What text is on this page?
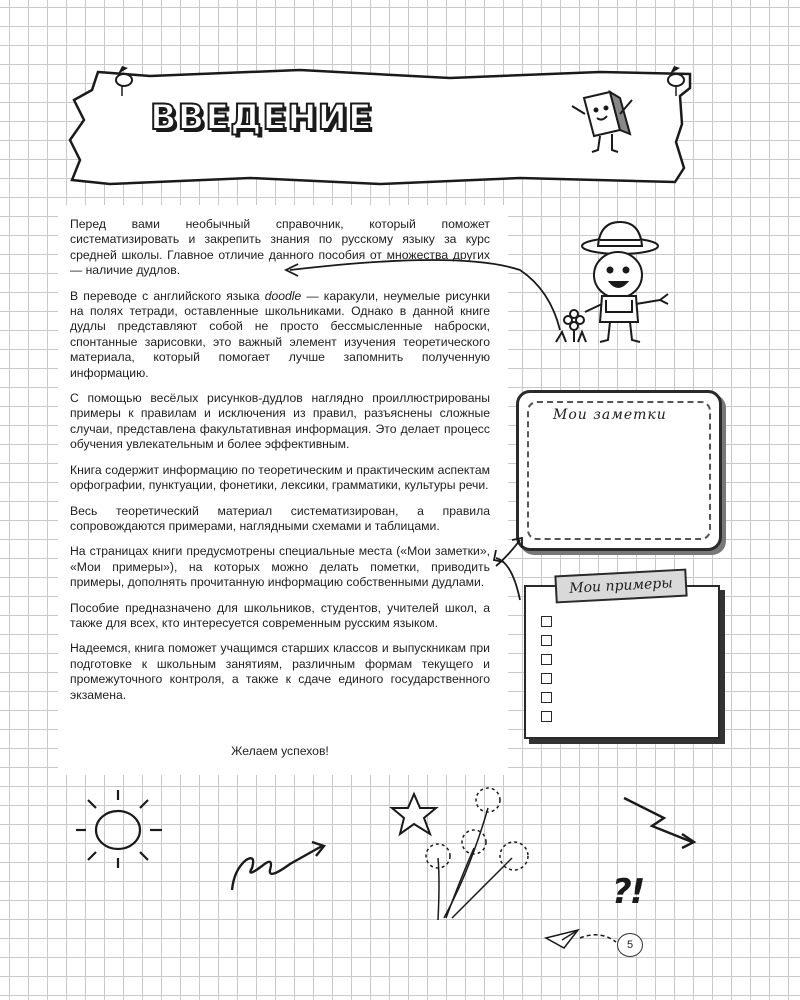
ВВЕДЕНИЕ

Перед вами необычный справочник, который поможет систематизировать и закрепить знания по русскому языку за курс средней школы. Главное отличие данного пособия от множества других — наличие дудлов.

В переводе с английского языка doodle — каракули, неумелые рисунки на полях тетради, оставленные школьниками. Однако в данной книге дудлы представляют собой не просто бессмысленные наброски, спонтанные зарисовки, это важный элемент изучения теоретического материала, который помогает лучше запомнить полученную информацию.

С помощью весёлых рисунков-дудлов наглядно проиллюстрированы примеры к правилам и исключения из правил, разъяснены сложные случаи, представлена факультативная информация. Это делает процесс обучения увлекательным и более эффективным.

Книга содержит информацию по теоретическим и практическим аспектам орфографии, пунктуации, фонетики, лексики, грамматики, культуры речи.

Весь теоретический материал систематизирован, а правила сопровождаются примерами, наглядными схемами и таблицами.

На страницах книги предусмотрены специальные места («Мои заметки», «Мои примеры»), на которых можно делать пометки, приводить примеры, дополнять прочитанную информацию собственными дудлами.

Пособие предназначено для школьников, студентов, учителей школ, а также для всех, кто интересуется современным русским языком.

Надеемся, книга поможет учащимся старших классов и выпускникам при подготовке к школьным занятиям, различным формам текущего и промежуточного контроля, а также к сдаче единого государственного экзамена.

Желаем успехов!
Мои заметки
Мои примеры
?!
5
